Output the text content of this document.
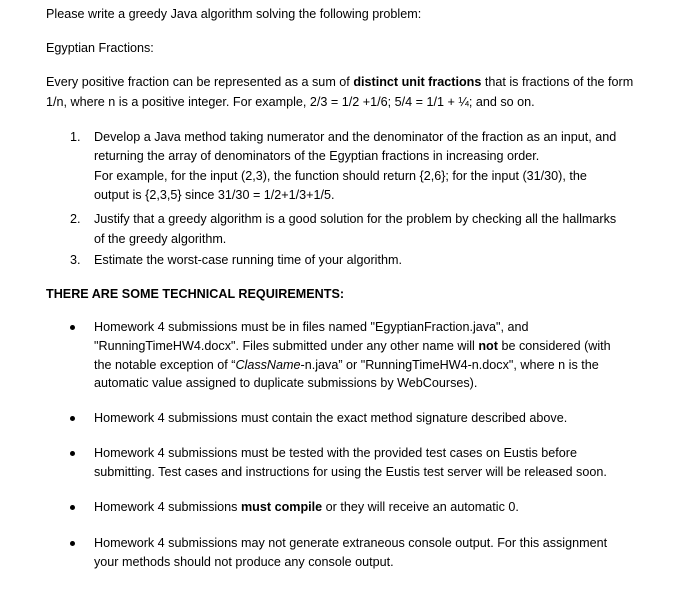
Please write a greedy Java algorithm solving the following problem:
Egyptian Fractions:
Every positive fraction can be represented as a sum of distinct unit fractions that is fractions of the form
1/n, where n is a positive integer. For example, 2/3 = 1/2 +1/6; 5/4 = 1/1 + ¼; and so on.
1. Develop a Java method taking numerator and the denominator of the fraction as an input, and
returning the array of denominators of the Egyptian fractions in increasing order.
For example, for the input (2,3), the function should return {2,6}; for the input (31/30), the
output is {2,3,5} since 31/30 = 1/2+1/3+1/5.
2. Justify that a greedy algorithm is a good solution for the problem by checking all the hallmarks
of the greedy algorithm.
3. Estimate the worst-case running time of your algorithm.
THERE ARE SOME TECHNICAL REQUIREMENTS:
Homework 4 submissions must be in files named "EgyptianFraction.java", and
"RunningTimeHW4.docx". Files submitted under any other name will not be considered (with
the notable exception of “ClassName-n.java” or "RunningTimeHW4-n.docx", where n is the
automatic value assigned to duplicate submissions by WebCourses).
Homework 4 submissions must contain the exact method signature described above.
Homework 4 submissions must be tested with the provided test cases on Eustis before
submitting. Test cases and instructions for using the Eustis test server will be released soon.
Homework 4 submissions must compile or they will receive an automatic 0.
Homework 4 submissions may not generate extraneous console output. For this assignment
your methods should not produce any console output.
